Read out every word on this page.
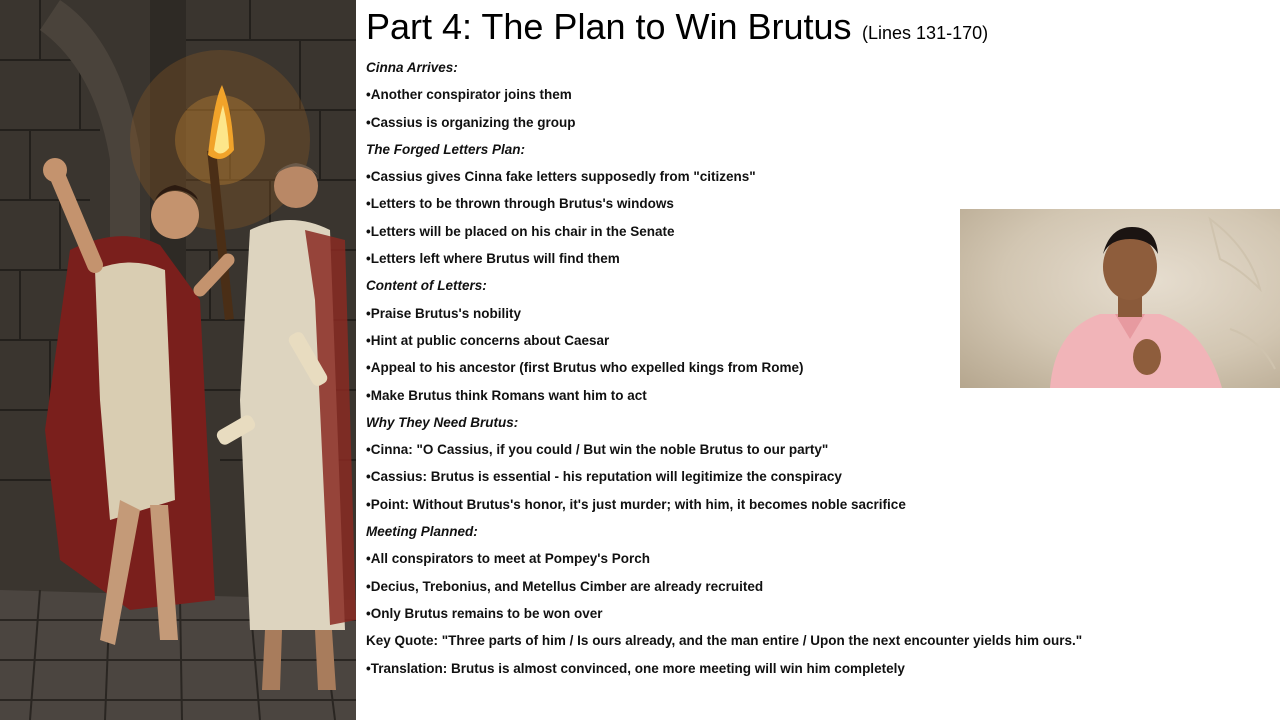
Part 4: The Plan to Win Brutus (Lines 131-170)
Cinna Arrives:
•Another conspirator joins them
•Cassius is organizing the group
The Forged Letters Plan:
•Cassius gives Cinna fake letters supposedly from "citizens"
•Letters to be thrown through Brutus's windows
•Letters will be placed on his chair in the Senate
•Letters left where Brutus will find them
Content of Letters:
•Praise Brutus's nobility
•Hint at public concerns about Caesar
•Appeal to his ancestor (first Brutus who expelled kings from Rome)
•Make Brutus think Romans want him to act
Why They Need Brutus:
•Cinna: "O Cassius, if you could / But win the noble Brutus to our party"
•Cassius: Brutus is essential - his reputation will legitimize the conspiracy
•Point: Without Brutus's honor, it's just murder; with him, it becomes noble sacrifice
Meeting Planned:
•All conspirators to meet at Pompey's Porch
•Decius, Trebonius, and Metellus Cimber are already recruited
•Only Brutus remains to be won over
Key Quote: "Three parts of him / Is ours already, and the man entire / Upon the next encounter yields him ours."
•Translation: Brutus is almost convinced, one more meeting will win him completely
